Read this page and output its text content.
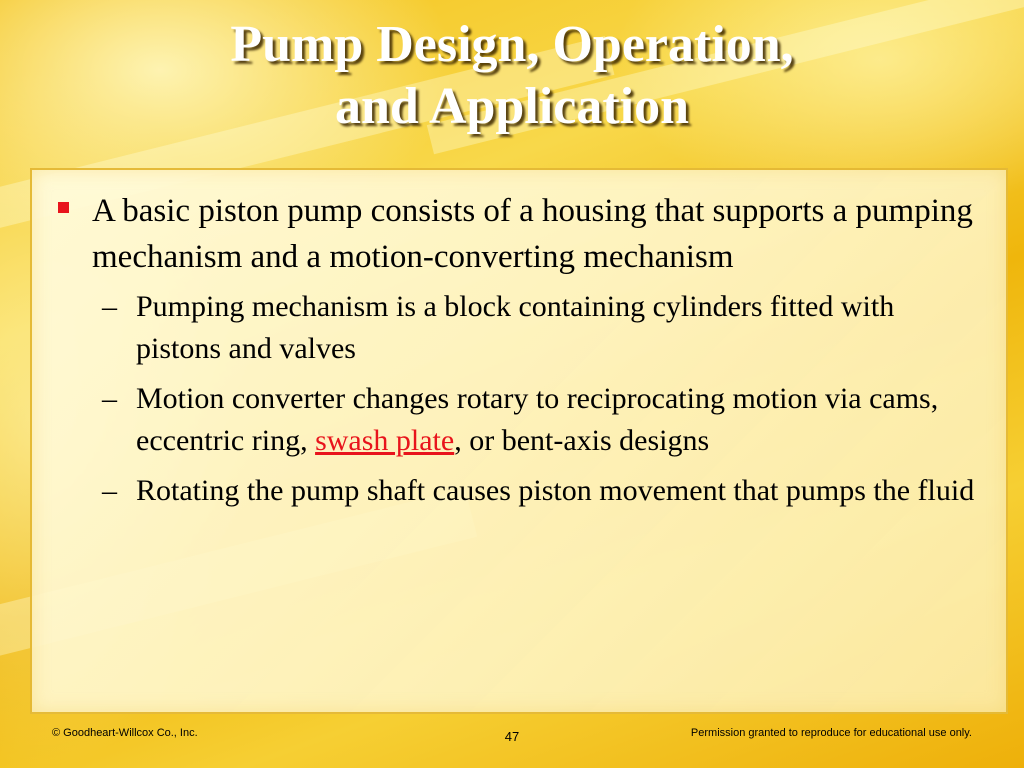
Pump Design, Operation,
and Application
A basic piston pump consists of a housing that supports a pumping mechanism and a motion-converting mechanism
– Pumping mechanism is a block containing cylinders fitted with pistons and valves
– Motion converter changes rotary to reciprocating motion via cams, eccentric ring, swash plate, or bent-axis designs
– Rotating the pump shaft causes piston movement that pumps the fluid
© Goodheart-Willcox Co., Inc.	47	Permission granted to reproduce for educational use only.
